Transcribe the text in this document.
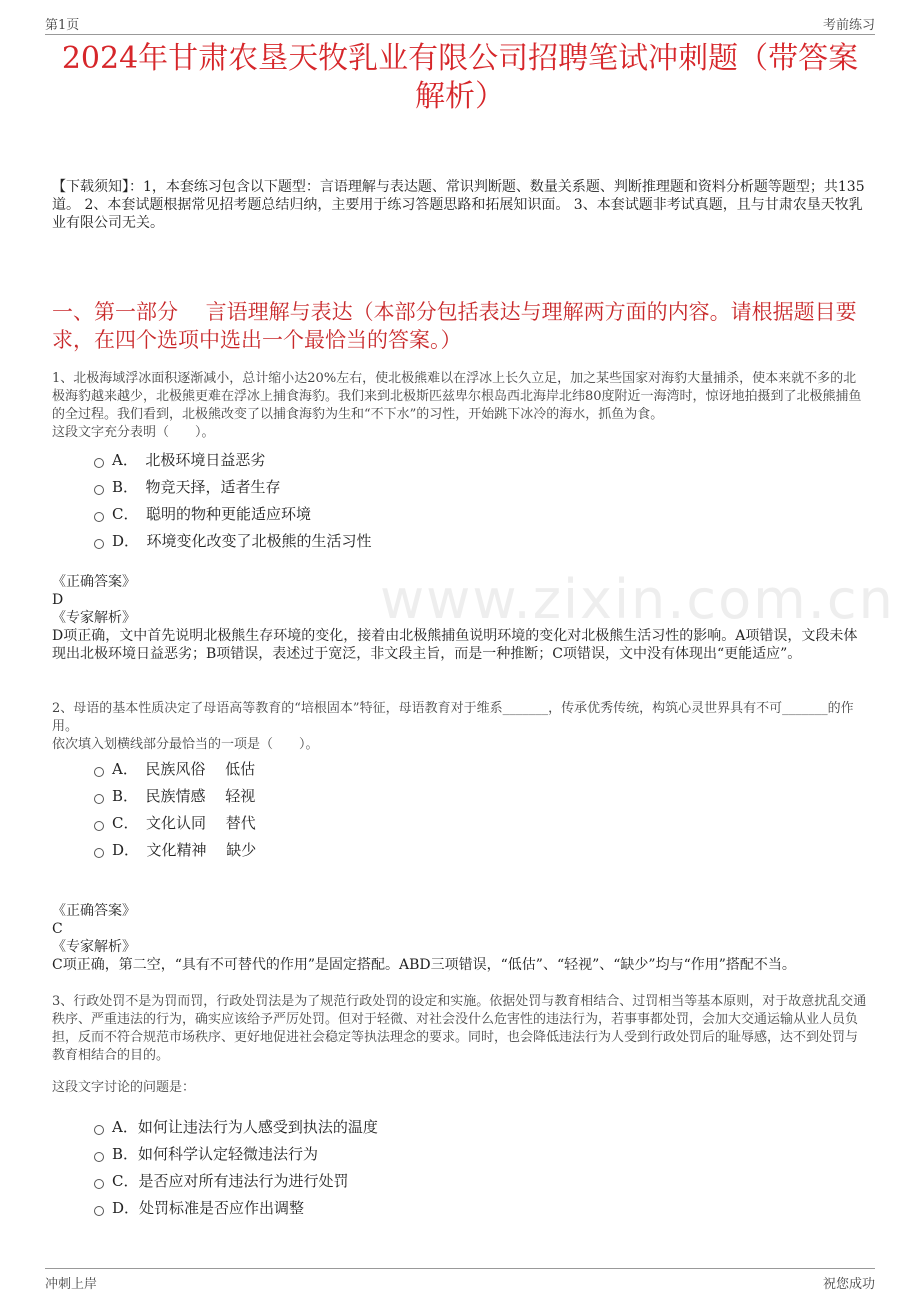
第1页	考前练习
2024年甘肃农垦天牧乳业有限公司招聘笔试冲刺题（带答案解析）

【下载须知】：1，本套练习包含以下题型：言语理解与表达题、常识判断题、数量关系题、判断推理题和资料分析题等题型；共135道。 2、本套试题根据常见招考题总结归纳，主要用于练习答题思路和拓展知识面。 3、本套试题非考试真题，且与甘肃农垦天牧乳业有限公司无关。

一、第一部分　 言语理解与表达（本部分包括表达与理解两方面的内容。请根据题目要求，在四个选项中选出一个最恰当的答案。）
www.zixin.com.cn

1、北极海域浮冰面积逐渐减小，总计缩小达20%左右，使北极熊难以在浮冰上长久立足，加之某些国家对海豹大量捕杀，使本来就不多的北极海豹越来越少，北极熊更难在浮冰上捕食海豹。我们来到北极斯匹兹卑尔根岛西北海岸北纬80度附近一海湾时，惊讶地拍摄到了北极熊捕鱼的全过程。我们看到，北极熊改变了以捕食海豹为生和“不下水”的习性，开始跳下冰冷的海水，抓鱼为食。

这段文字充分表明（　　）。

A．　北极环境日益恶劣
B．　物竞天择，适者生存
C．　聪明的物种更能适应环境
D．　环境变化改变了北极熊的生活习性

《正确答案》

D

《专家解析》

D项正确，文中首先说明北极熊生存环境的变化，接着由北极熊捕鱼说明环境的变化对北极熊生活习性的影响。A项错误，文段未体现出北极环境日益恶劣；B项错误，表述过于宽泛，非文段主旨，而是一种推断；C项错误，文中没有体现出“更能适应”。

2、母语的基本性质决定了母语高等教育的“培根固本”特征，母语教育对于维系_______，传承优秀传统，构筑心灵世界具有不可_______的作用。

依次填入划横线部分最恰当的一项是（　　）。

A．　民族风俗　 低估
B．　民族情感　 轻视
C．　文化认同　 替代
D．　文化精神　 缺少

《正确答案》

C

《专家解析》

C项正确，第二空，“具有不可替代的作用”是固定搭配。ABD三项错误，“低估”、“轻视”、“缺少”均与“作用”搭配不当。

3、行政处罚不是为罚而罚，行政处罚法是为了规范行政处罚的设定和实施。依据处罚与教育相结合、过罚相当等基本原则，对于故意扰乱交通秩序、严重违法的行为，确实应该给予严厉处罚。但对于轻微、对社会没什么危害性的违法行为，若事事都处罚，会加大交通运输从业人员负担，反而不符合规范市场秩序、更好地促进社会稳定等执法理念的要求。同时，也会降低违法行为人受到行政处罚后的耻辱感，达不到处罚与教育相结合的目的。

这段文字讨论的问题是：

A．如何让违法行为人感受到执法的温度
B．如何科学认定轻微违法行为
C．是否应对所有违法行为进行处罚
D．处罚标准是否应作出调整
冲刺上岸	祝您成功
